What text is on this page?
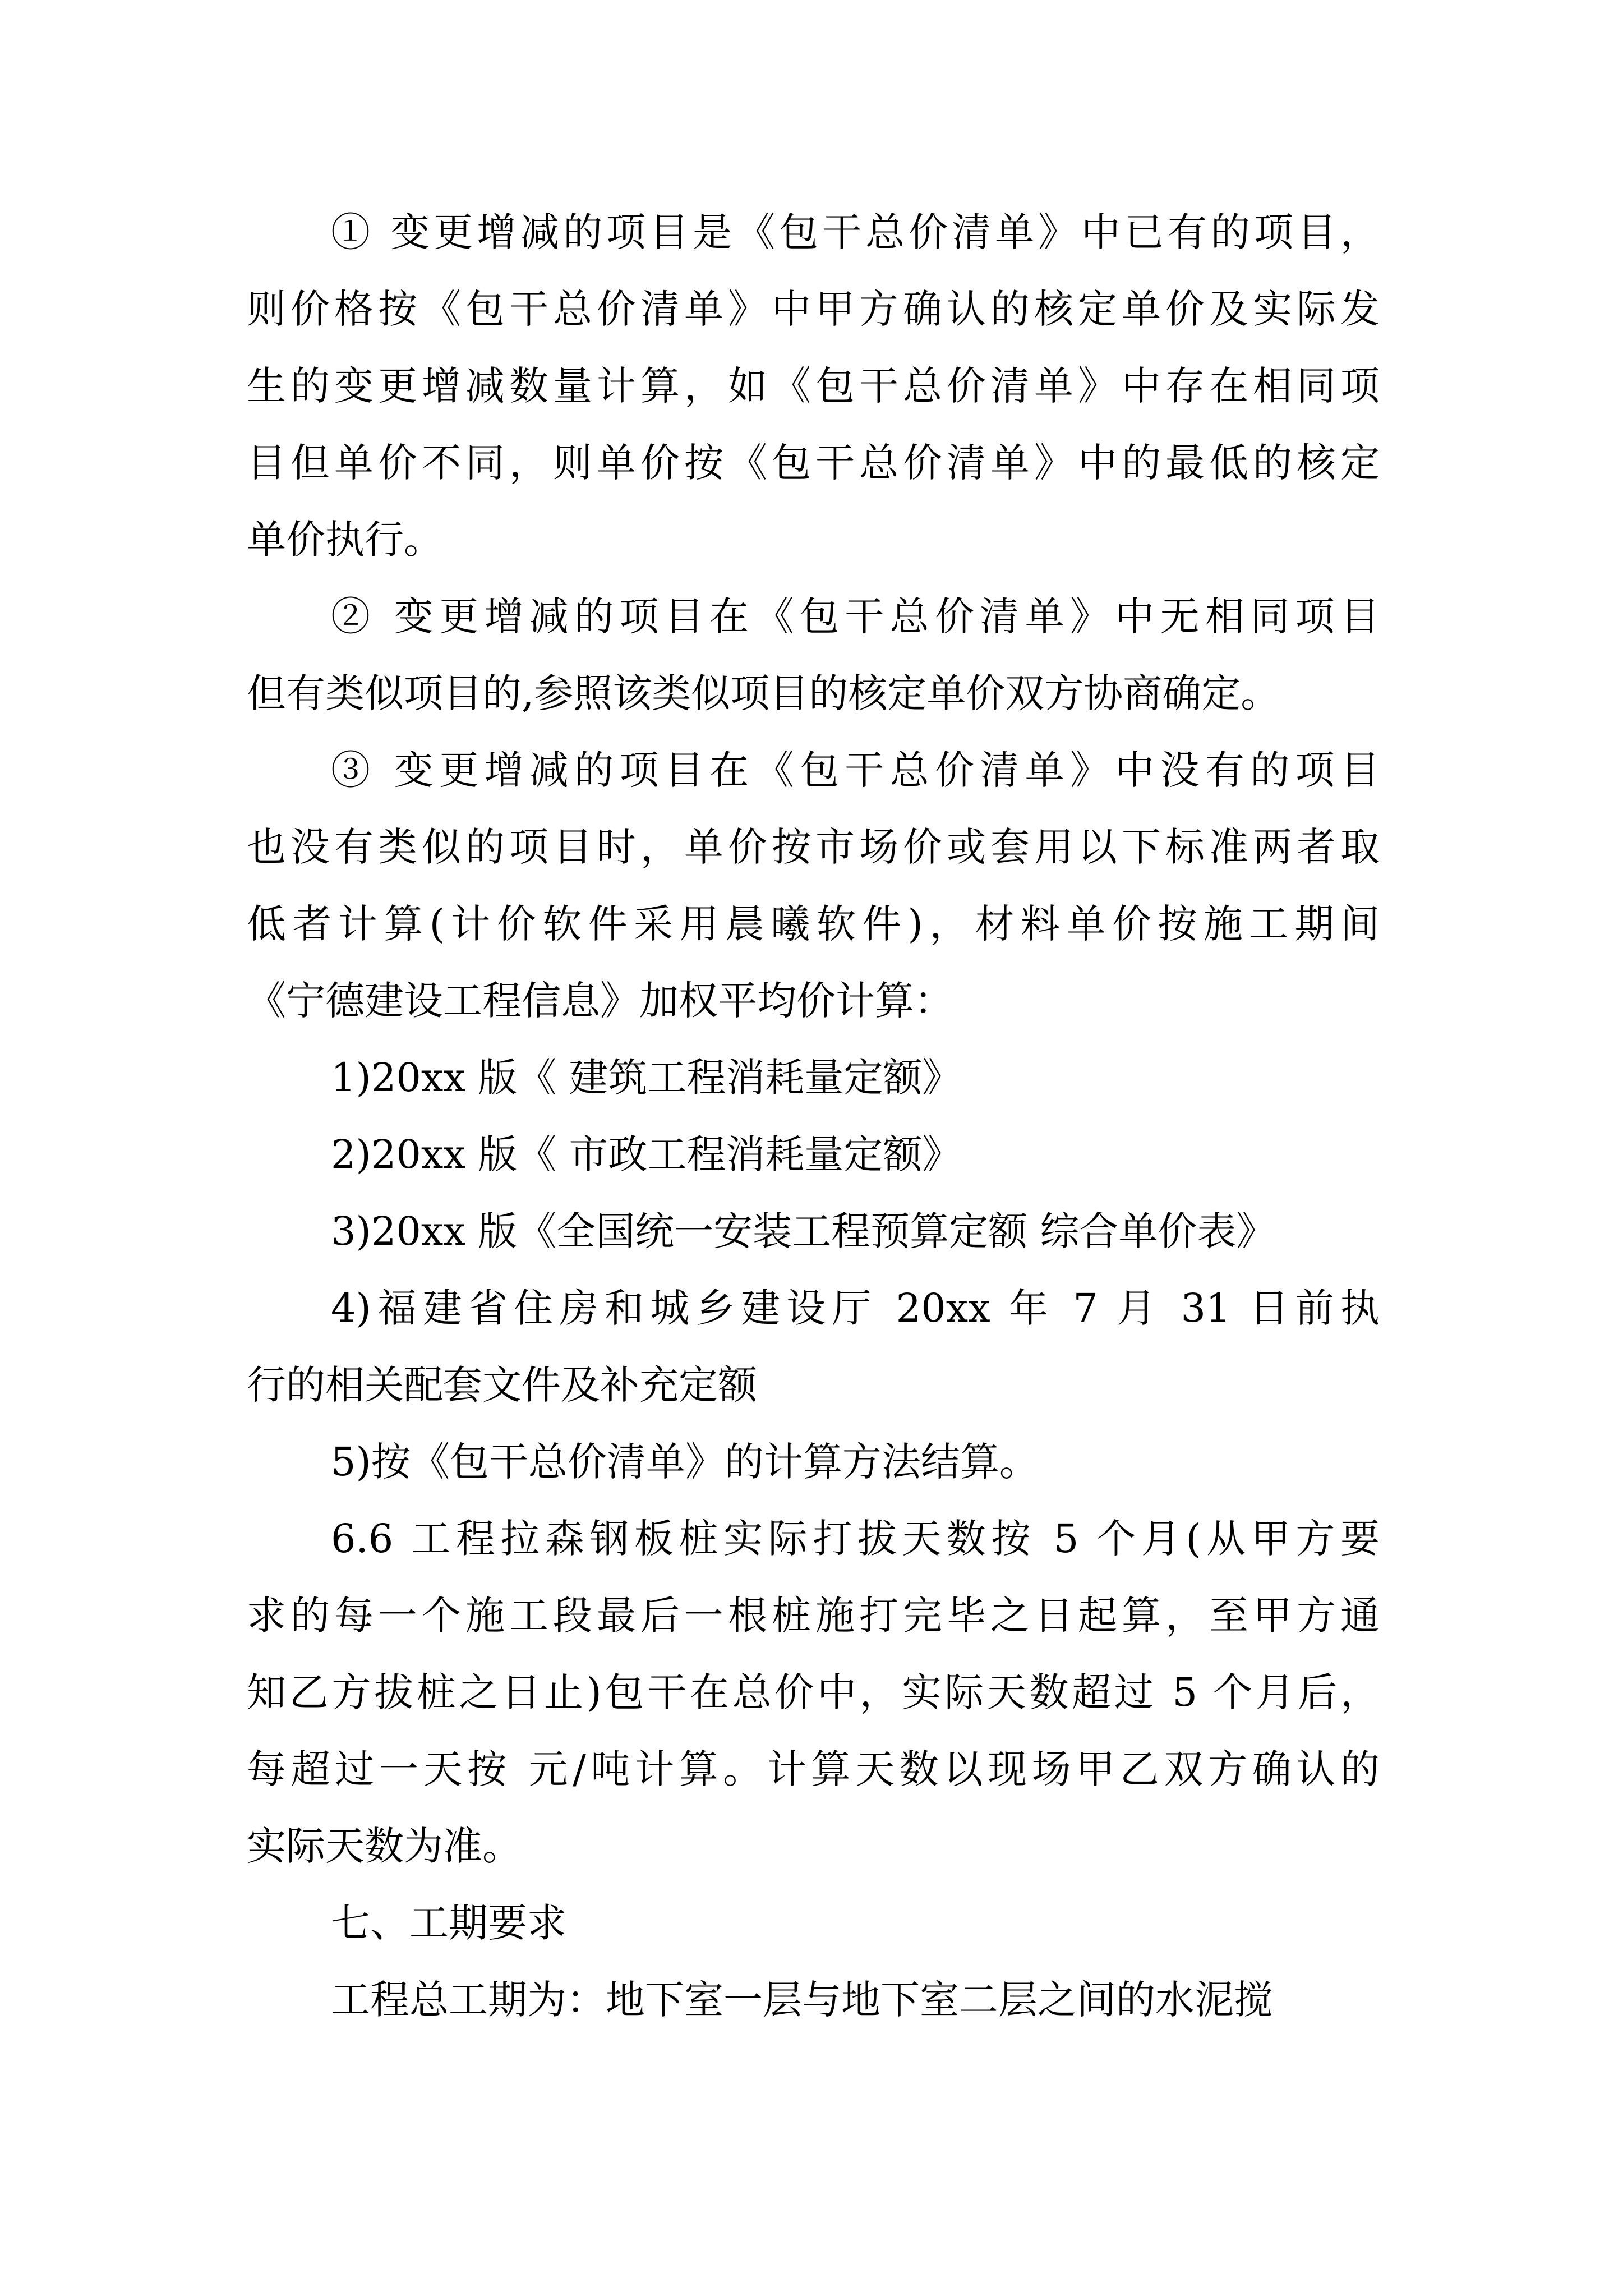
① 变更增减的项目是《包干总价清单》中已有的项目，
则价格按《包干总价清单》中甲方确认的核定单价及实际发
生的变更增减数量计算，如《包干总价清单》中存在相同项
目但单价不同，则单价按《包干总价清单》中的最低的核定
单价执行。
② 变更增减的项目在《包干总价清单》中无相同项目
但有类似项目的,参照该类似项目的核定单价双方协商确定。
③ 变更增减的项目在《包干总价清单》中没有的项目
也没有类似的项目时，单价按市场价或套用以下标准两者取
低者计算(计价软件采用晨曦软件)，材料单价按施工期间
《宁德建设工程信息》加权平均价计算：
1)20xx 版《 建筑工程消耗量定额》
2)20xx 版《 市政工程消耗量定额》
3)20xx 版《全国统一安装工程预算定额 综合单价表》
4)福建省住房和城乡建设厅 20xx 年 7 月 31 日前执
行的相关配套文件及补充定额
5)按《包干总价清单》的计算方法结算。
6.6 工程拉森钢板桩实际打拔天数按 5 个月(从甲方要
求的每一个施工段最后一根桩施打完毕之日起算，至甲方通
知乙方拔桩之日止)包干在总价中，实际天数超过 5 个月后，
每超过一天按 元/吨计算。计算天数以现场甲乙双方确认的
实际天数为准。
七、工期要求
工程总工期为：地下室一层与地下室二层之间的水泥搅
